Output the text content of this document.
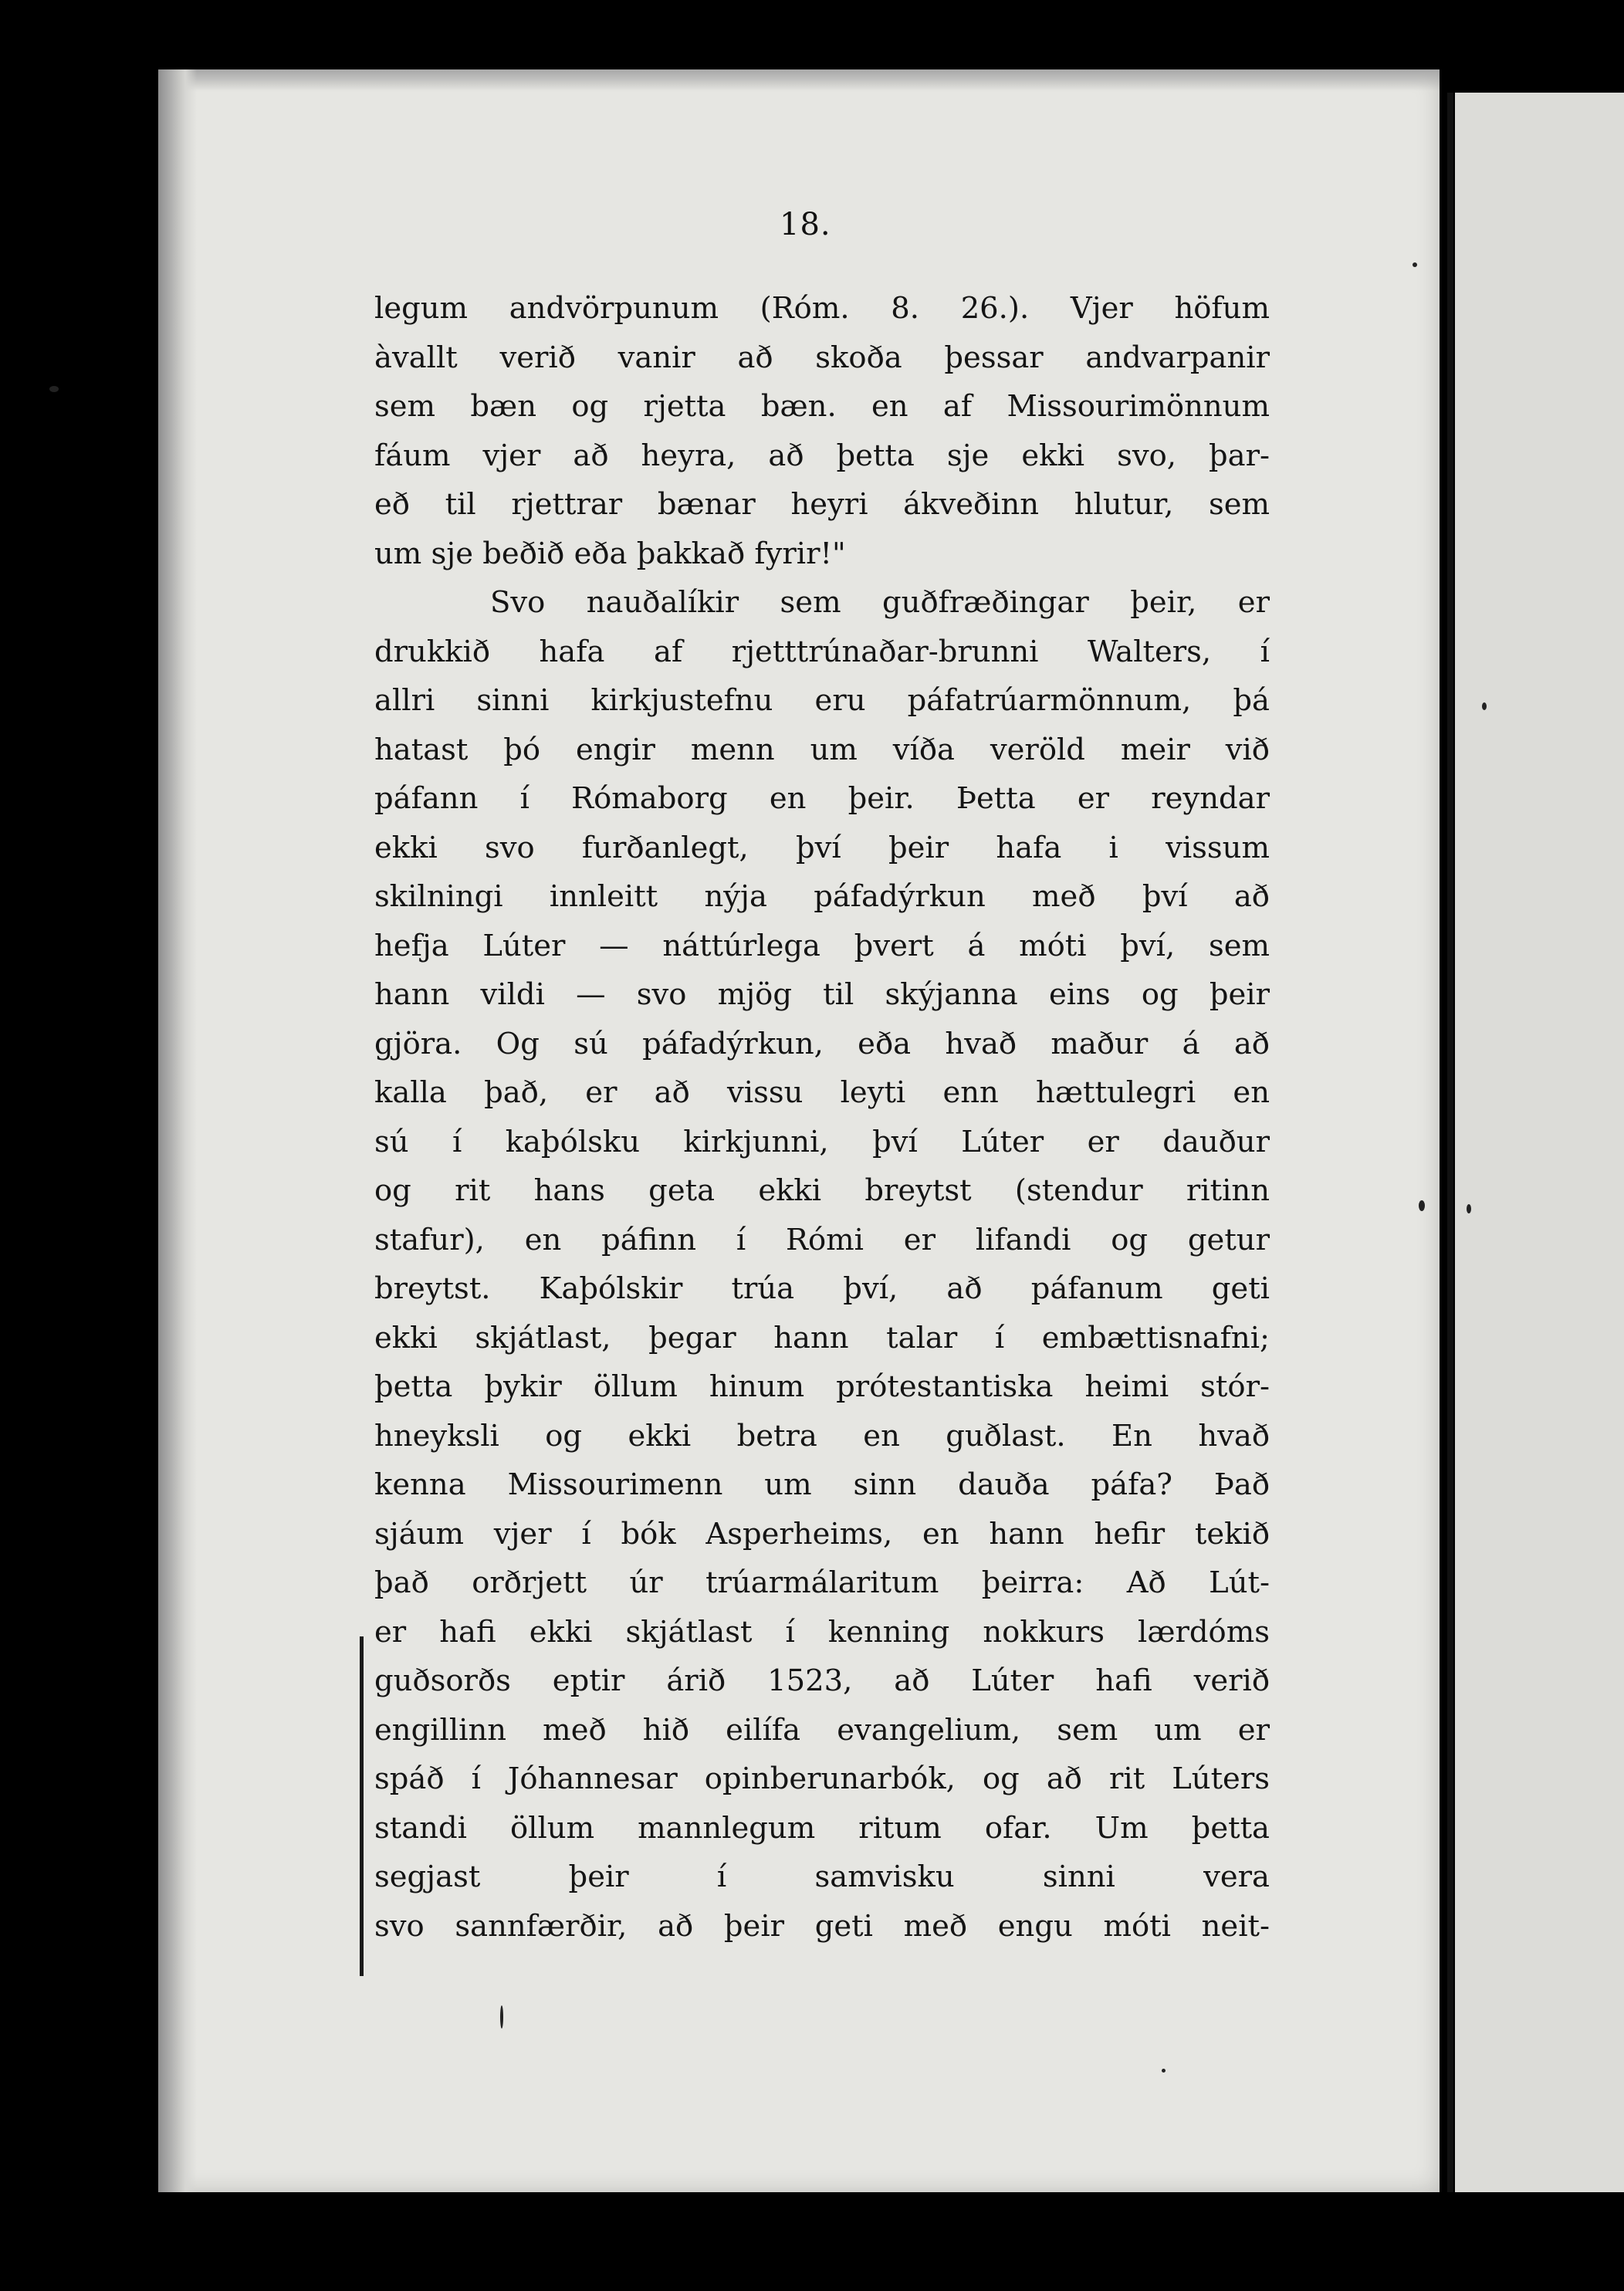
18.
legum andvörpunum (Róm. 8. 26.). Vjer höfum
àvallt verið vanir að skoða þessar andvarpanir
sem bæn og rjetta bæn. en af Missourimönnum
fáum vjer að heyra, að þetta sje ekki svo, þar-
eð til rjettrar bænar heyri ákveðinn hlutur, sem
um sje beðið eða þakkað fyrir!"
Svo nauðalíkir sem guðfræðingar þeir, er
drukkið hafa af rjetttrúnaðar-brunni Walters, í
allri sinni kirkjustefnu eru páfatrúarmönnum, þá
hatast þó engir menn um víða veröld meir við
páfann í Rómaborg en þeir. Þetta er reyndar
ekki svo furðanlegt, því þeir hafa i vissum
skilningi innleitt nýja páfadýrkun með því að
hefja Lúter — náttúrlega þvert á móti því, sem
hann vildi — svo mjög til skýjanna eins og þeir
gjöra. Og sú páfadýrkun, eða hvað maður á að
kalla það, er að vissu leyti enn hættulegri en
sú í kaþólsku kirkjunni, því Lúter er dauður
og rit hans geta ekki breytst (stendur ritinn
stafur), en páfinn í Rómi er lifandi og getur
breytst. Kaþólskir trúa því, að páfanum geti
ekki skjátlast, þegar hann talar í embættisnafni;
þetta þykir öllum hinum prótestantiska heimi stór-
hneyksli og ekki betra en guðlast. En hvað
kenna Missourimenn um sinn dauða páfa? Það
sjáum vjer í bók Asperheims, en hann hefir tekið
það orðrjett úr trúarmálaritum þeirra: Að Lút-
er hafi ekki skjátlast í kenning nokkurs lærdóms
guðsorðs eptir árið 1523, að Lúter hafi verið
engillinn með hið eilífa evangelium, sem um er
spáð í Jóhannesar opinberunarbók, og að rit Lúters
standi öllum mannlegum ritum ofar. Um þetta
segjast þeir í samvisku sinni vera
svo sannfærðir, að þeir geti með engu móti neit-
